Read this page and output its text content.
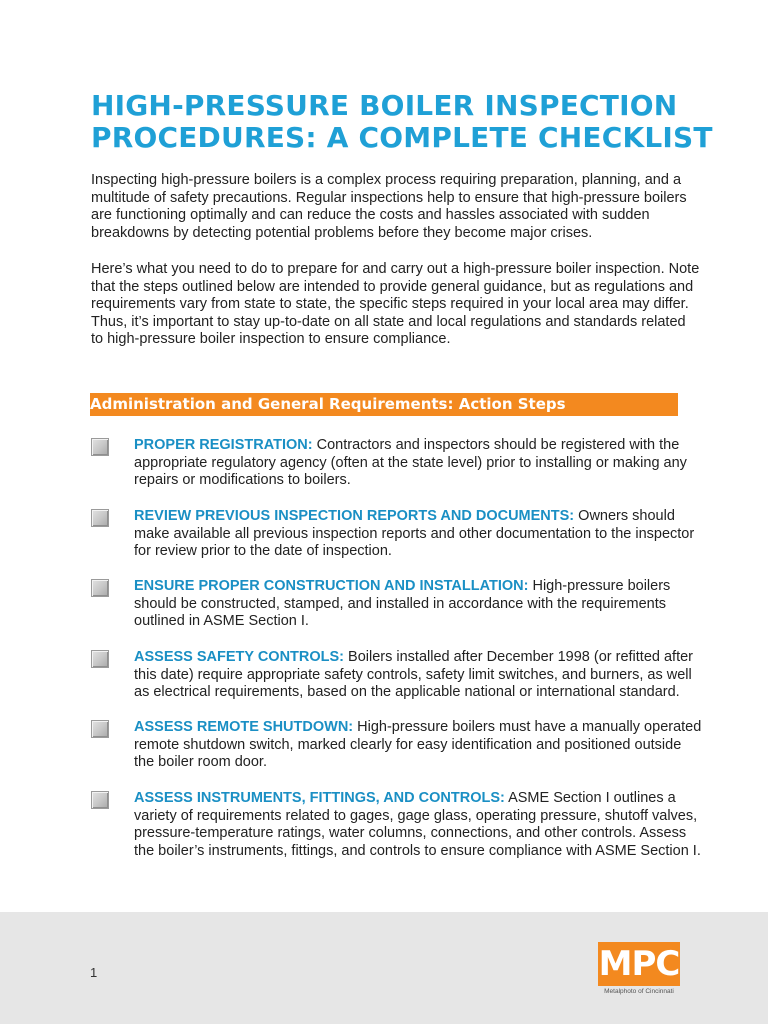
HIGH-PRESSURE BOILER INSPECTION
PROCEDURES: A COMPLETE CHECKLIST
Inspecting high-pressure boilers is a complex process requiring preparation, planning, and a
multitude of safety precautions. Regular inspections help to ensure that high-pressure boilers
are functioning optimally and can reduce the costs and hassles associated with sudden
breakdowns by detecting potential problems before they become major crises.
Here’s what you need to do to prepare for and carry out a high-pressure boiler inspection. Note
that the steps outlined below are intended to provide general guidance, but as regulations and
requirements vary from state to state, the specific steps required in your local area may differ.
Thus, it’s important to stay up-to-date on all state and local regulations and standards related
to high-pressure boiler inspection to ensure compliance.
Administration and General Requirements: Action Steps
PROPER REGISTRATION: Contractors and inspectors should be registered with the
appropriate regulatory agency (often at the state level) prior to installing or making any
repairs or modifications to boilers.
REVIEW PREVIOUS INSPECTION REPORTS AND DOCUMENTS: Owners should
make available all previous inspection reports and other documentation to the inspector
for review prior to the date of inspection.
ENSURE PROPER CONSTRUCTION AND INSTALLATION: High-pressure boilers
should be constructed, stamped, and installed in accordance with the requirements
outlined in ASME Section I.
ASSESS SAFETY CONTROLS: Boilers installed after December 1998 (or refitted after
this date) require appropriate safety controls, safety limit switches, and burners, as well
as electrical requirements, based on the applicable national or international standard.
ASSESS REMOTE SHUTDOWN: High-pressure boilers must have a manually operated
remote shutdown switch, marked clearly for easy identification and positioned outside
the boiler room door.
ASSESS INSTRUMENTS, FITTINGS, AND CONTROLS: ASME Section I outlines a
variety of requirements related to gages, gage glass, operating pressure, shutoff valves,
pressure-temperature ratings, water columns, connections, and other controls. Assess
the boiler’s instruments, fittings, and controls to ensure compliance with ASME Section I.
1	MPC
Metalphoto of Cincinnati
